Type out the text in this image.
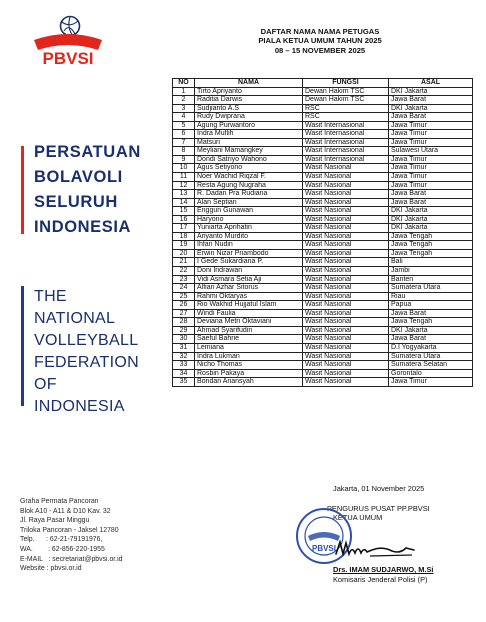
PBVSI
PERSATUAN
BOLAVOLI
SELURUH
INDONESIA
THE
NATIONAL
VOLLEYBALL
FEDERATION
OF
INDONESIA
Graha Permata Pancoran
Blok A10 - A11 & D10 Kav. 32
Jl. Raya Pasar Minggu
Triloka Pancoran - Jaksel 12780
Telp.      : 62-21-79191976,
WA.        : 62-856-220-1955
E-MAIL   : secretariat@pbvsi.or.id
Website : pbvsi.or.id
DAFTAR NAMA NAMA PETUGAS
PIALA KETUA UMUM TAHUN 2025
08 – 15 NOVEMBER 2025
NO	NAMA	FUNGSI	ASAL
1	Tirto Apriyanto	Dewan Hakim TSC	DKI Jakarta
2	Raditia Darwis	Dewan Hakim TSC	Jawa Barat
3	Sudjianto A.S	RSC	DKI Jakarta
4	Rudy Dwiprana	RSC	Jawa Barat
5	Agung Purwantoro	Wasit Internasional	Jawa Timur
6	Indra Muflih	Wasit Internasional	Jawa Timur
7	Matsuri	Wasit Internasional	Jawa Timur
8	Meyliani Mamangkey	Wasit Internasional	Sulawesi Utara
9	Dondi Satriyo Wahono	Wasit Internasional	Jawa Timur
10	Agus Setiyono	Wasit Nasional	Jawa Timur
11	Noer Wachid Riqzal F.	Wasit Nasional	Jawa Timur
12	Resta Agung Nugraha	Wasit Nasional	Jawa Timur
13	R. Dadan Pra Rudiana	Wasit Nasional	Jawa Barat
14	Alan Septian	Wasit Nasional	Jawa Barat
15	Enggun Gunawan	Wasit Nasional	DKI Jakarta
16	Haryono	Wasit Nasional	DKI Jakarta
17	Yuniarta Aprihatin	Wasit Nasional	DKI Jakarta
18	Ariyanto Murdito	Wasit Nasional	Jawa Tengah
19	Ihfan Nudin	Wasit Nasional	Jawa Tengah
20	Erwin Nizar Priambodo	Wasit Nasional	Jawa Tengah
21	I Gede Sukardiana P.	Wasit Nasional	Bali
22	Doni Indrawan	Wasit Nasional	Jambi
23	Vidi Asmara Setia Aji	Wasit Nasional	Banten
24	Alfian Azhar Sitorus	Wasit Nasional	Sumatera Utara
25	Rahmi Oktaryas	Wasit Nasional	Riau
26	Rio Wakhid Hujjatul Islam	Wasit Nasional	Papua
27	Windi Faulia	Wasit Nasional	Jawa Barat
28	Deviana Metri Oktaviani	Wasit Nasional	Jawa Tengah
29	Ahmad Syarifudin	Wasit Nasional	DKI Jakarta
30	Saeful Bahrie	Wasit Nasional	Jawa Barat
31	Lemiana	Wasit Nasional	D.I Yogyakarta
32	Indra Lukman	Wasit Nasional	Sumatera Utara
33	Nicho Thomas	Wasit Nasional	Sumatera Selatan
34	Rosbin Pakaya	Wasit Nasional	Gorontalo
35	Bondan Ariansyah	Wasit Nasional	Jawa Timur
Jakarta, 01 November 2025
PENGURUS PUSAT PP.PBVSI
KETUA UMUM
PBVSI
Drs. IMAM SUDJARWO, M.Si
Komisaris Jenderal Polisi (P)
